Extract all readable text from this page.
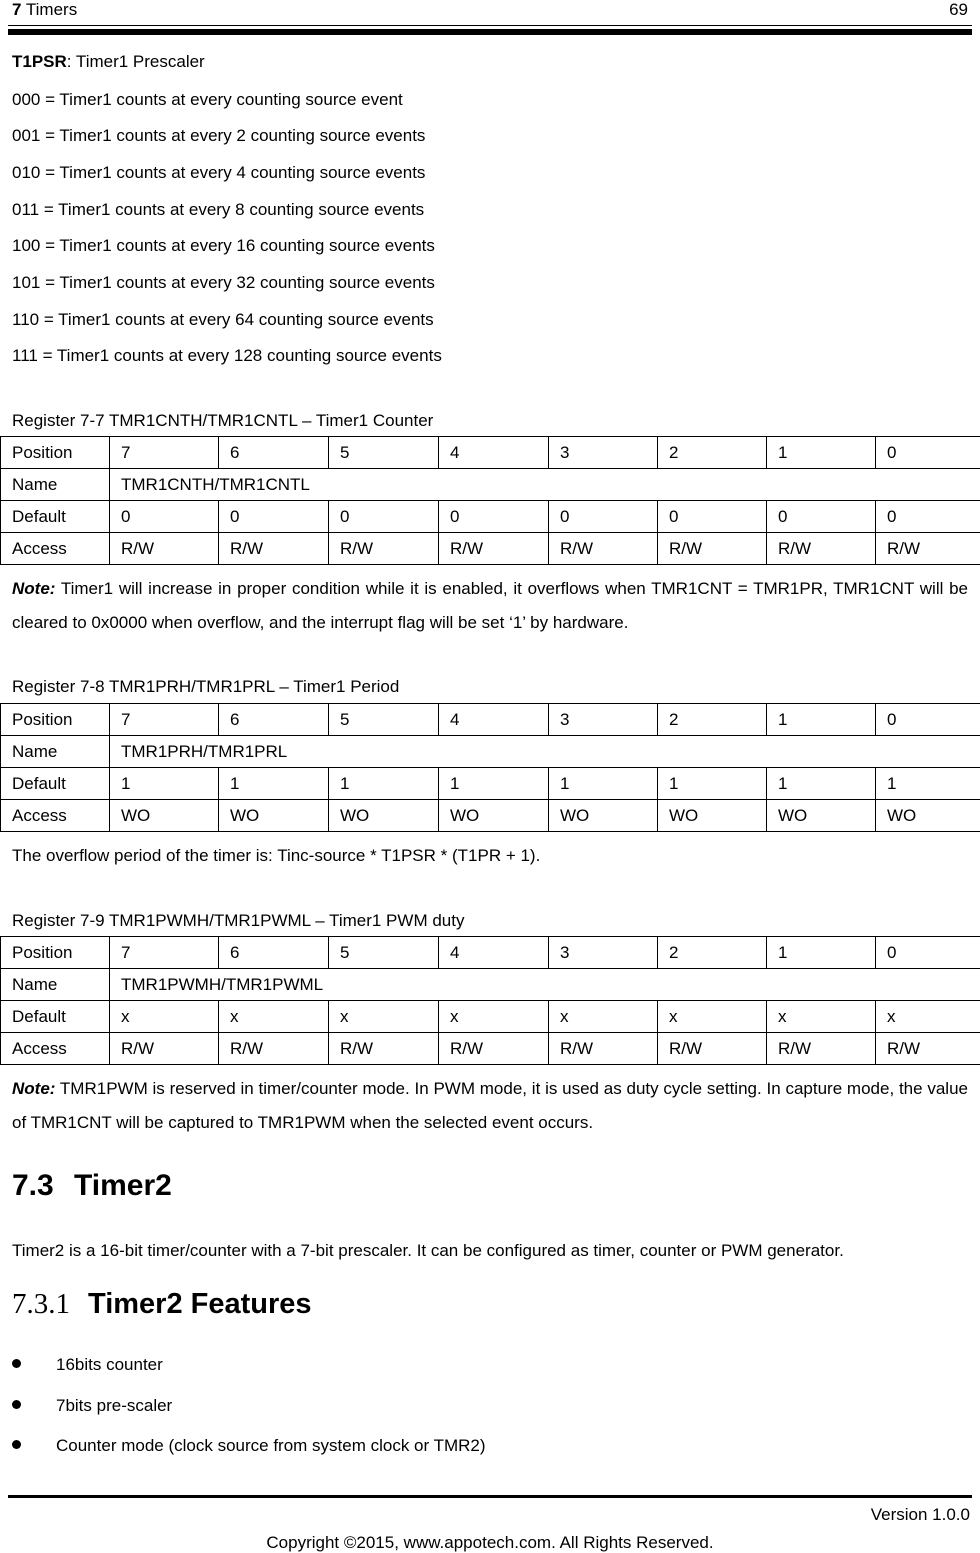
7 Timers	69
T1PSR: Timer1 Prescaler
000 = Timer1 counts at every counting source event
001 = Timer1 counts at every 2 counting source events
010 = Timer1 counts at every 4 counting source events
011 = Timer1 counts at every 8 counting source events
100 = Timer1 counts at every 16 counting source events
101 = Timer1 counts at every 32 counting source events
110 = Timer1 counts at every 64 counting source events
111 = Timer1 counts at every 128 counting source events
Register 7-7 TMR1CNTH/TMR1CNTL – Timer1 Counter
Position	7	6	5	4	3	2	1	0
Name	TMR1CNTH/TMR1CNTL							
Default	0	0	0	0	0	0	0	0
Access	R/W	R/W	R/W	R/W	R/W	R/W	R/W	R/W
Note: Timer1 will increase in proper condition while it is enabled, it overflows when TMR1CNT = TMR1PR, TMR1CNT will be cleared to 0x0000 when overflow, and the interrupt flag will be set ‘1’ by hardware.
Register 7-8 TMR1PRH/TMR1PRL – Timer1 Period
Position	7	6	5	4	3	2	1	0
Name	TMR1PRH/TMR1PRL							
Default	1	1	1	1	1	1	1	1
Access	WO	WO	WO	WO	WO	WO	WO	WO
The overflow period of the timer is: Tinc-source * T1PSR * (T1PR + 1).
Register 7-9 TMR1PWMH/TMR1PWML – Timer1 PWM duty
Position	7	6	5	4	3	2	1	0
Name	TMR1PWMH/TMR1PWML							
Default	x	x	x	x	x	x	x	x
Access	R/W	R/W	R/W	R/W	R/W	R/W	R/W	R/W
Note: TMR1PWM is reserved in timer/counter mode. In PWM mode, it is used as duty cycle setting. In capture mode, the value of TMR1CNT will be captured to TMR1PWM when the selected event occurs.
7.3 Timer2
Timer2 is a 16-bit timer/counter with a 7-bit prescaler. It can be configured as timer, counter or PWM generator.
7.3.1 Timer2 Features
16bits counter
7bits pre-scaler
Counter mode (clock source from system clock or TMR2)
Version 1.0.0
Copyright ©2015, www.appotech.com. All Rights Reserved.
